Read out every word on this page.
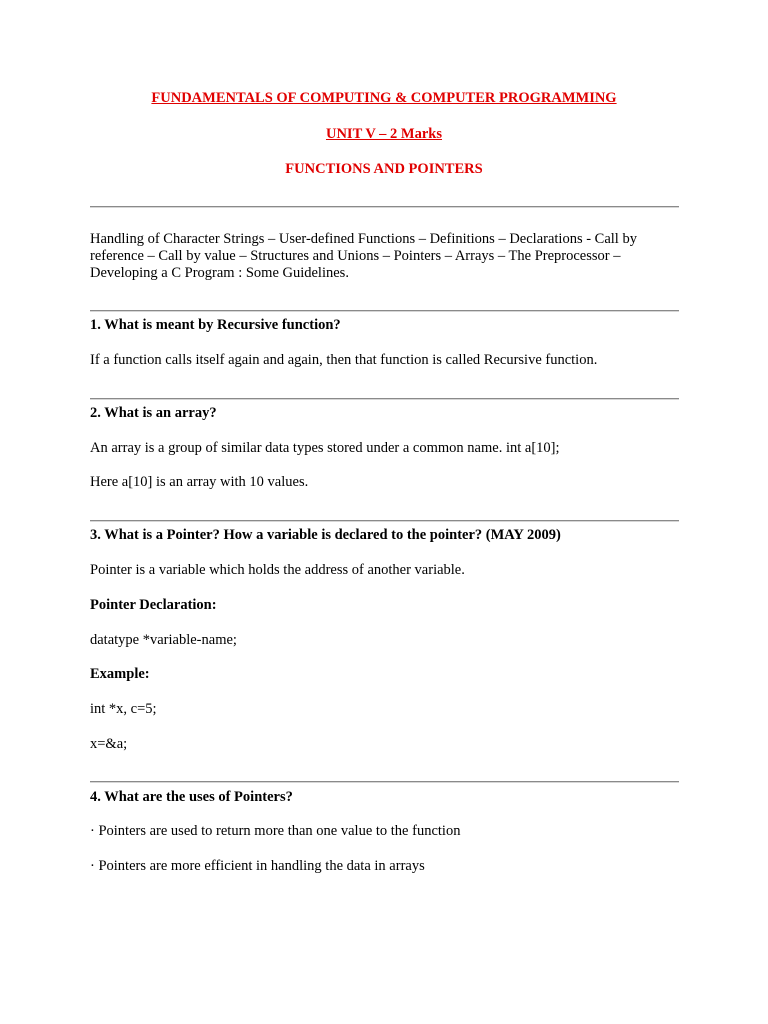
FUNDAMENTALS OF COMPUTING & COMPUTER PROGRAMMING

UNIT V – 2 Marks

FUNCTIONS AND POINTERS

Handling of Character Strings – User-defined Functions – Definitions – Declarations - Call by reference – Call by value – Structures and Unions – Pointers – Arrays – The Preprocessor – Developing a C Program : Some Guidelines.

1. What is meant by Recursive function?

If a function calls itself again and again, then that function is called Recursive function.

2. What is an array?

An array is a group of similar data types stored under a common name. int a[10];

Here a[10] is an array with 10 values.

3. What is a Pointer? How a variable is declared to the pointer? (MAY 2009)

Pointer is a variable which holds the address of another variable.

Pointer Declaration:

datatype *variable-name;

Example:

int *x, c=5;

x=&a;

4. What are the uses of Pointers?

· Pointers are used to return more than one value to the function

· Pointers are more efficient in handling the data in arrays
